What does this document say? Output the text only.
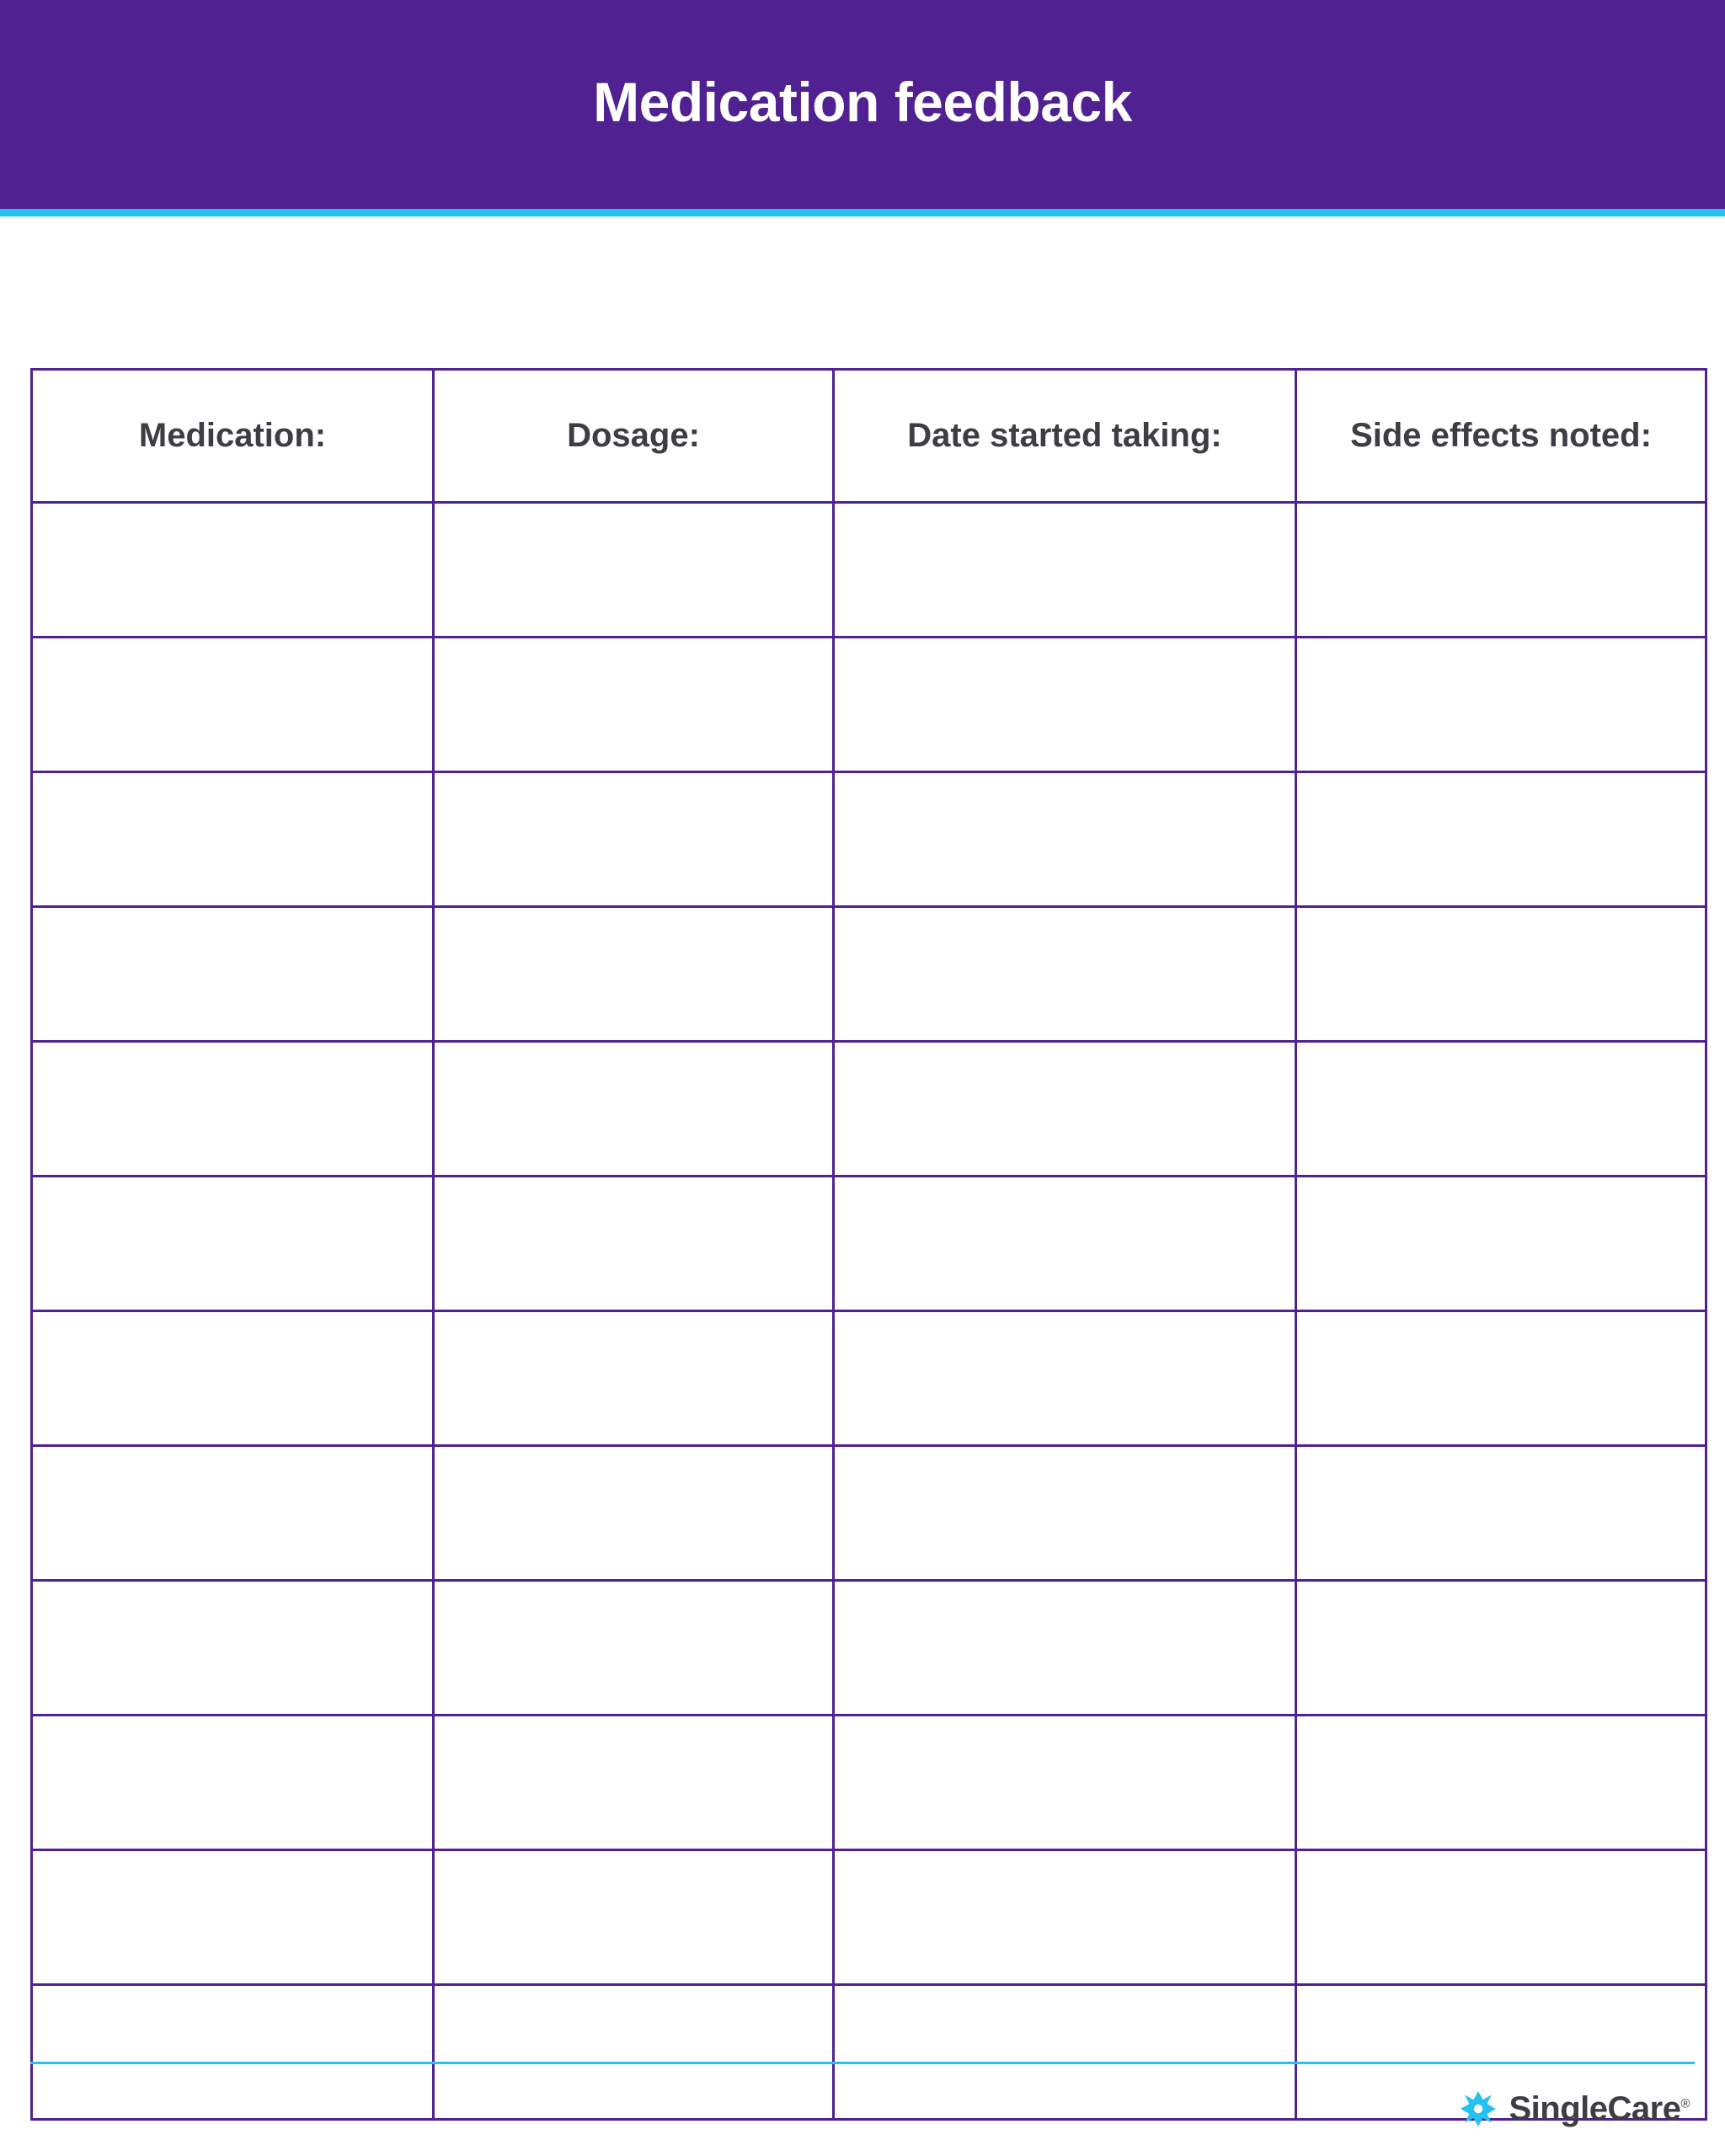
Medication feedback
Medication:	Dosage:	Date started taking:	Side effects noted:

SingleCare®
